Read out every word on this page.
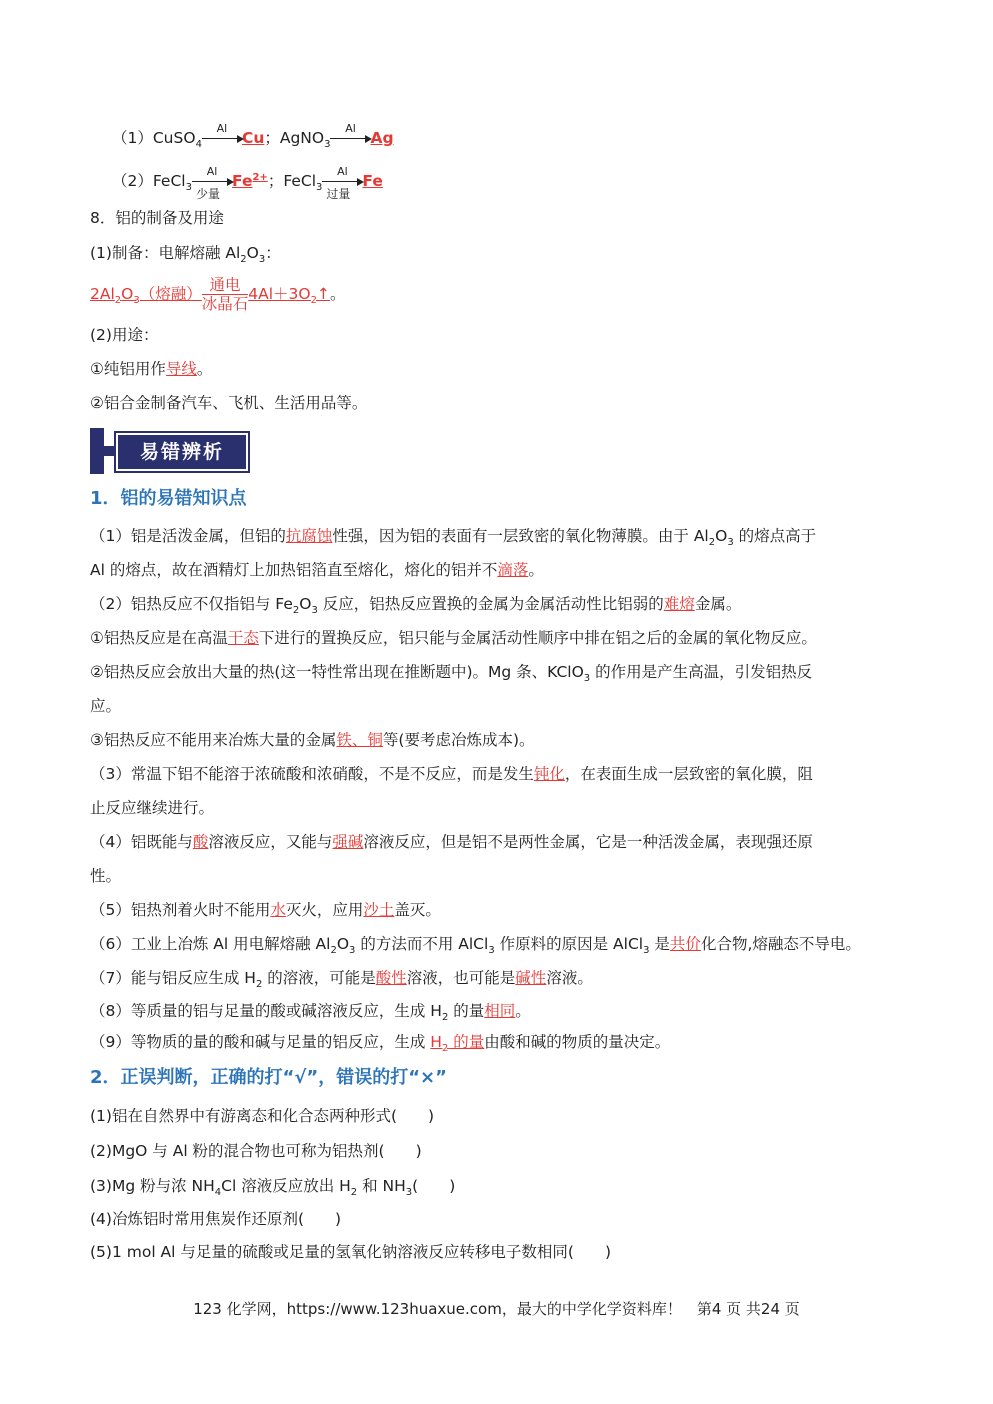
（1）CuSO$_4$
Al
Cu；AgNO$_3$
Al
Ag
（2）FeCl$_3$
Al
少量
$Fe^{2+}$；FeCl$_3$
Al
过量
Fe
8．铝的制备及用途
(1)制备：电解熔融 $Al_2O_3$：
$2Al_2O_3$（熔融） $\frac{\text{通电}}{\text{冰晶石}}$ $4Al+3O_2↑$。
(2)用途：
①纯铝用作导线。
②铝合金制备汽车、飞机、生活用品等。
易错辨析
1．铝的易错知识点
（1）铝是活泼金属，但铝的抗腐蚀性强，因为铝的表面有一层致密的氧化物薄膜。由于 $Al_2O_3$ 的熔点高于
Al 的熔点，故在酒精灯上加热铝箔直至熔化，熔化的铝并不滴落。
（2）铝热反应不仅指铝与 $Fe_2O_3$ 反应，铝热反应置换的金属为金属活动性比铝弱的难熔金属。
①铝热反应是在高温干态下进行的置换反应，铝只能与金属活动性顺序中排在铝之后的金属的氧化物反应。
②铝热反应会放出大量的热(这一特性常出现在推断题中)。Mg 条、KClO$_3$ 的作用是产生高温，引发铝热反
应。
③铝热反应不能用来冶炼大量的金属铁、铜等(要考虑冶炼成本)。
（3）常温下铝不能溶于浓硫酸和浓硝酸，不是不反应，而是发生钝化，在表面生成一层致密的氧化膜，阻
止反应继续进行。
（4）铝既能与酸溶液反应，又能与强碱溶液反应，但是铝不是两性金属，它是一种活泼金属，表现强还原
性。
（5）铝热剂着火时不能用水灭火，应用沙土盖灭。
（6）工业上冶炼 Al 用电解熔融 $Al_2O_3$ 的方法而不用 AlCl$_3$ 作原料的原因是 AlCl$_3$ 是共价化合物,熔融态不导电。
（7）能与铝反应生成 $H_2$ 的溶液，可能是酸性溶液，也可能是碱性溶液。
（8）等质量的铝与足量的酸或碱溶液反应，生成 $H_2$ 的量相同。
（9）等物质的量的酸和碱与足量的铝反应，生成 $H_2$ 的量由酸和碱的物质的量决定。
2．正误判断，正确的打“√”，错误的打“×”
(1)铝在自然界中有游离态和化合态两种形式(　　)
(2)MgO 与 Al 粉的混合物也可称为铝热剂(　　)
(3)Mg 粉与浓 $NH_4Cl$ 溶液反应放出 $H_2$ 和 $NH_3$(　　)
(4)冶炼铝时常用焦炭作还原剂(　　)
(5)1 mol Al 与足量的硫酸或足量的氢氧化钠溶液反应转移电子数相同(　　)
123 化学网，https://www.123huaxue.com，最大的中学化学资料库！　第4 页 共24 页
